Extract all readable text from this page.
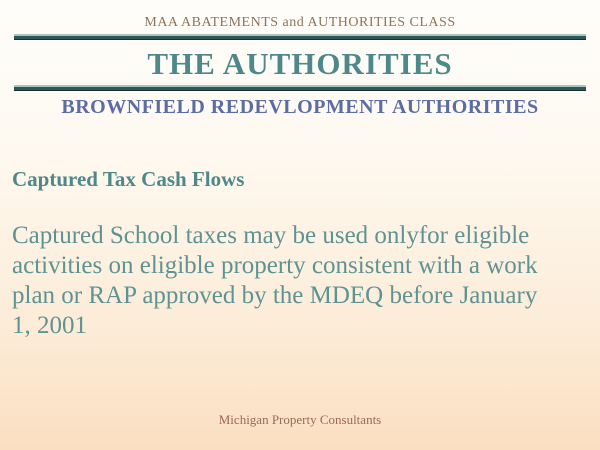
MAA ABATEMENTS and AUTHORITIES CLASS
THE AUTHORITIES
BROWNFIELD REDEVLOPMENT AUTHORITIES
Captured Tax Cash Flows
Captured School taxes may be used onlyfor eligible
activities on eligible property consistent with a work
plan or RAP approved by the MDEQ before January
1, 2001
Michigan Property Consultants
